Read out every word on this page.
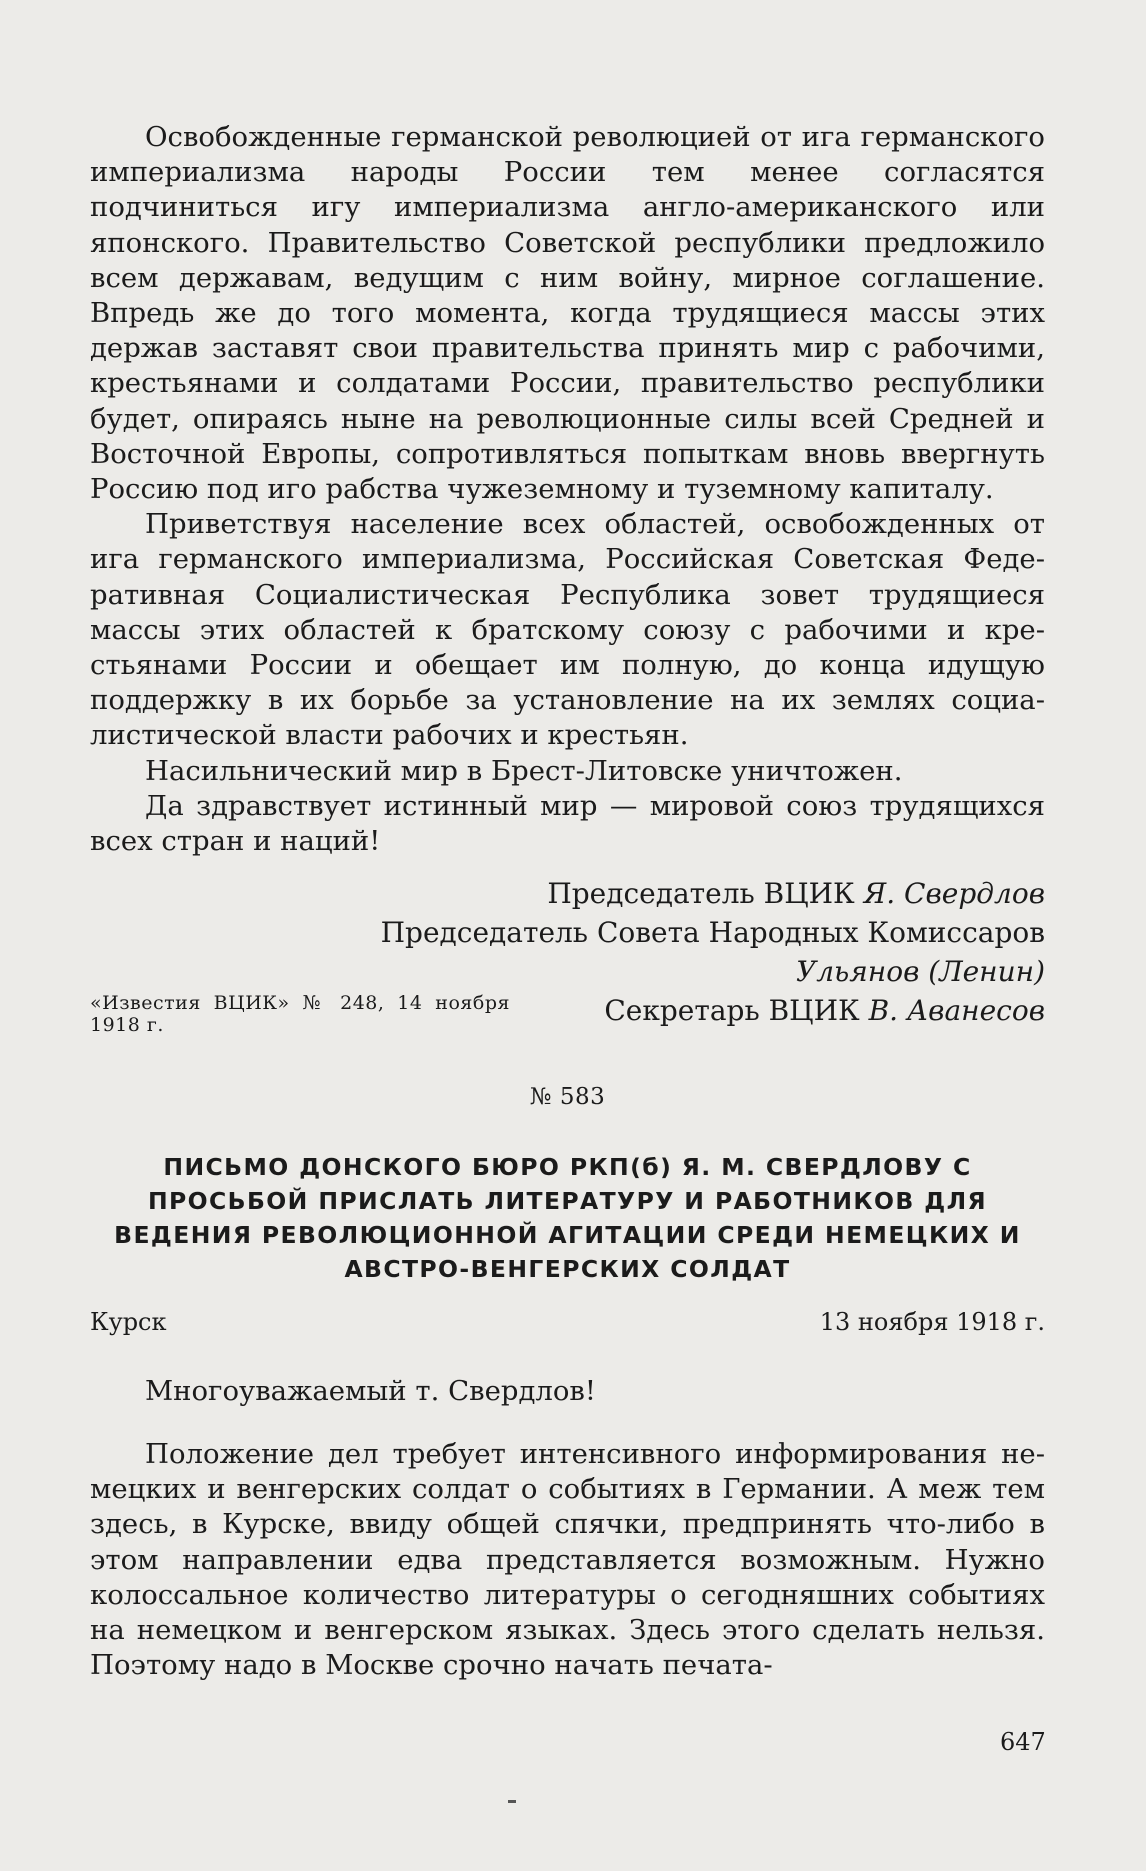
Освобожденные германской революцией от ига германского империализма народы России тем менее согласятся подчиниться игу империализма англо-американского или японского. Правительство Советской республики предложило всем державам, ведущим с ним войну, мирное соглашение. Впредь же до того момента, когда трудящиеся массы этих держав заставят свои правительства принять мир с рабочими, крестьянами и солдатами России, правительство республики будет, опираясь ныне на революционные силы всей Средней и Восточной Европы, сопротивляться попыткам вновь ввергнуть Россию под иго рабства чужеземному и туземному капиталу.

Приветствуя население всех областей, освобожденных от ига германского империализма, Российская Советская Федеративная Социалистическая Республика зовет трудящиеся массы этих областей к братскому союзу с рабочими и крестьянами России и обещает им полную, до конца идущую поддержку в их борьбе за установление на их землях социалистической власти рабочих и крестьян.

Насильнический мир в Брест-Литовске уничтожен.

Да здравствует истинный мир — мировой союз трудящихся всех стран и наций!

Председатель ВЦИК Я. Свердлов
Председатель Совета Народных Комиссаров
Ульянов (Ленин)
Секретарь ВЦИК В. Аванесов
«Известия ВЦИК» № 248, 14 ноября 1918 г.
№ 583
ПИСЬМО ДОНСКОГО БЮРО РКП(б) Я. М. СВЕРДЛОВУ С ПРОСЬБОЙ ПРИСЛАТЬ ЛИТЕРАТУРУ И РАБОТНИКОВ ДЛЯ ВЕДЕНИЯ РЕВОЛЮЦИОННОЙ АГИТАЦИИ СРЕДИ НЕМЕЦКИХ И АВСТРО-ВЕНГЕРСКИХ СОЛДАТ
Курск	13 ноября 1918 г.

Многоуважаемый т. Свердлов!

Положение дел требует интенсивного информирования немецких и венгерских солдат о событиях в Германии. А меж тем здесь, в Курске, ввиду общей спячки, предпринять что-либо в этом направлении едва представляется возможным. Нужно колоссальное количество литературы о сегодняшних событиях на немецком и венгерском языках. Здесь этого сделать нельзя. Поэтому надо в Москве срочно начать печата-

647
